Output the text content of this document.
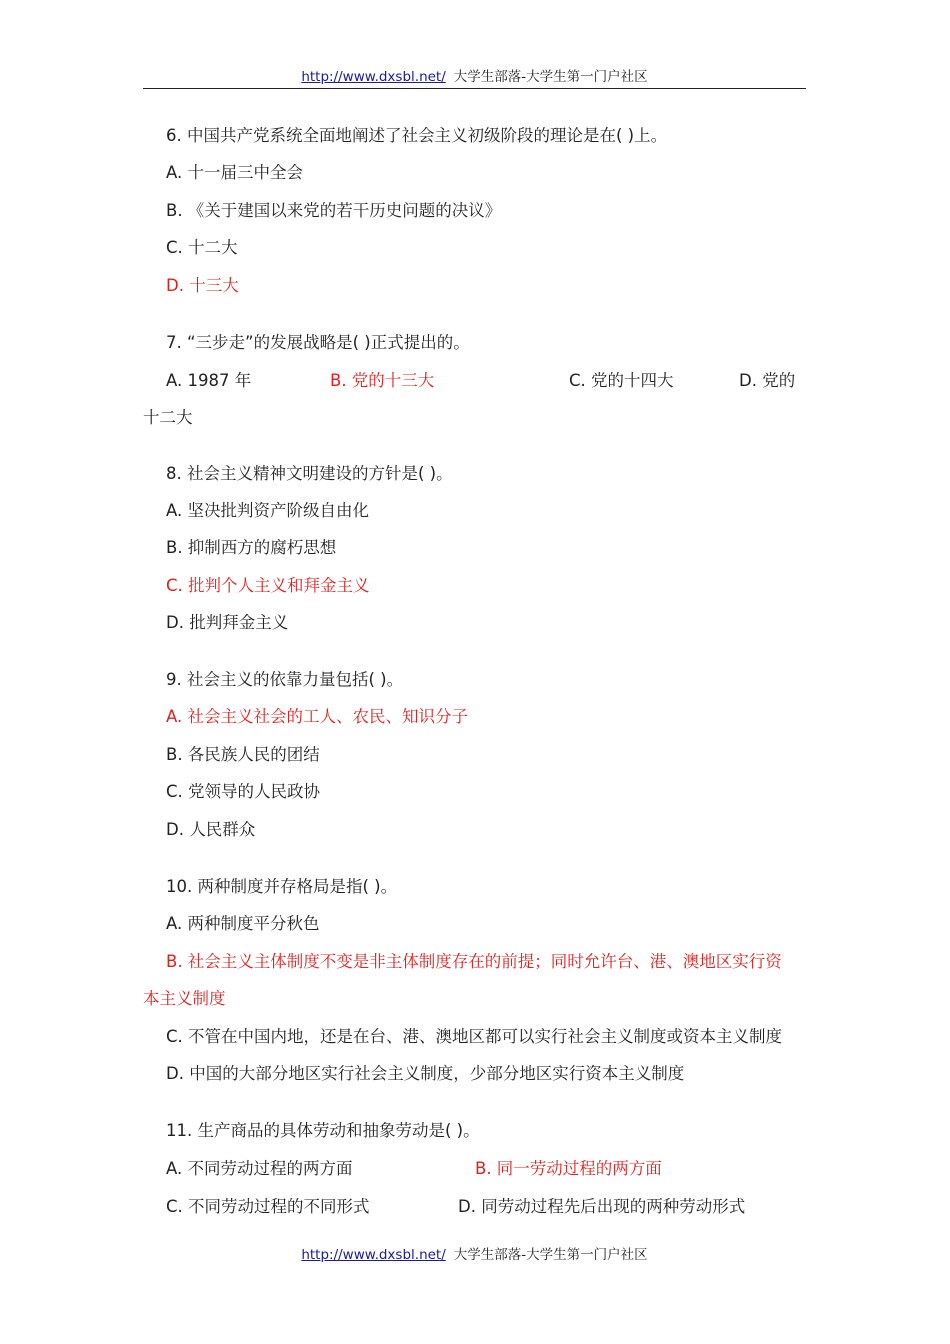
http://www.dxsbl.net/ 大学生部落-大学生第一门户社区
6. 中国共产党系统全面地阐述了社会主义初级阶段的理论是在( )上。
A. 十一届三中全会
B. 《关于建国以来党的若干历史问题的决议》
C. 十二大
D. 十三大
7. “三步走”的发展战略是( )正式提出的。
A. 1987 年	B. 党的十三大	C. 党的十四大	D. 党的
十二大
8. 社会主义精神文明建设的方针是( )。
A. 坚决批判资产阶级自由化
B. 抑制西方的腐朽思想
C. 批判个人主义和拜金主义
D. 批判拜金主义
9. 社会主义的依靠力量包括( )。
A. 社会主义社会的工人、农民、知识分子
B. 各民族人民的团结
C. 党领导的人民政协
D. 人民群众
10. 两种制度并存格局是指( )。
A. 两种制度平分秋色
B. 社会主义主体制度不变是非主体制度存在的前提；同时允许台、港、澳地区实行资
本主义制度
C. 不管在中国内地，还是在台、港、澳地区都可以实行社会主义制度或资本主义制度
D. 中国的大部分地区实行社会主义制度，少部分地区实行资本主义制度
11. 生产商品的具体劳动和抽象劳动是( )。
A. 不同劳动过程的两方面	B. 同一劳动过程的两方面
C. 不同劳动过程的不同形式	D. 同劳动过程先后出现的两种劳动形式
http://www.dxsbl.net/ 大学生部落-大学生第一门户社区
